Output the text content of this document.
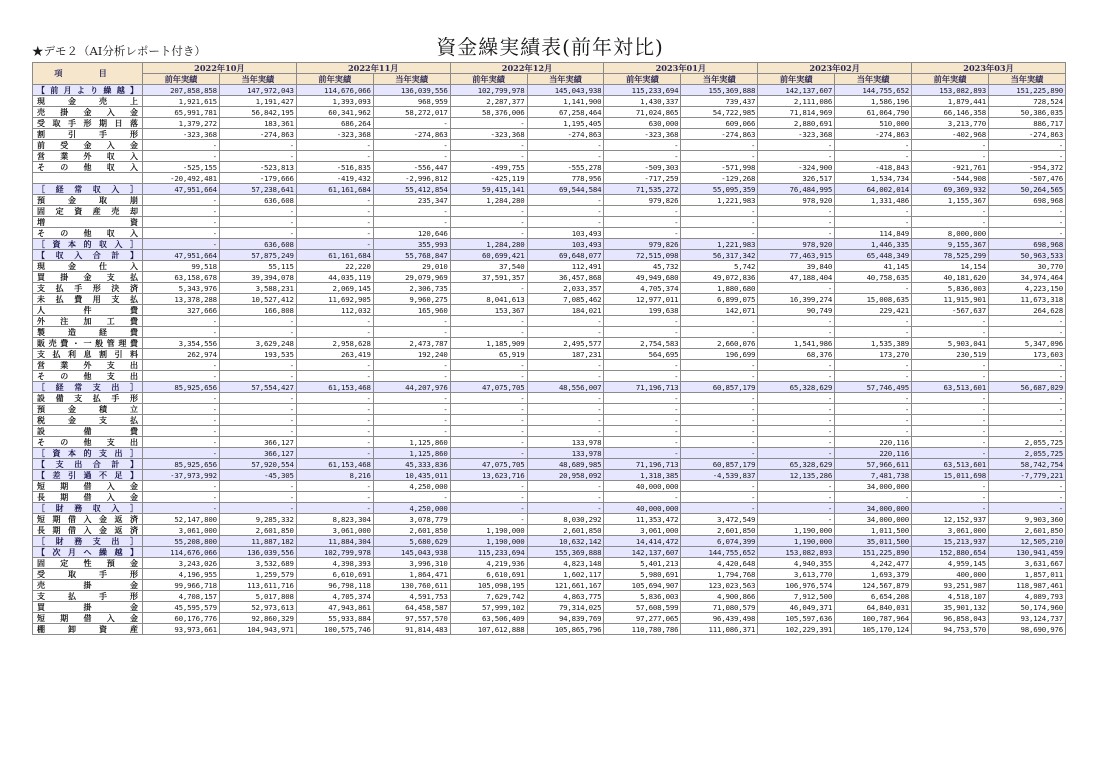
資金繰実績表(前年対比)
★デモ２（AI分析レポート付き）
項　目	2022年10月		2022年11月		2022年12月		2023年01月		2023年02月		2023年03月	
	前年実績	当年実績	前年実績	当年実績	前年実績	当年実績	前年実績	当年実績	前年実績	当年実績	前年実績	当年実績
【前月より繰越】	207,858,858	147,972,043	114,676,066	136,039,556	102,799,978	145,043,938	115,233,694	155,369,888	142,137,607	144,755,652	153,082,893	151,225,890
現金売上	1,921,615	1,191,427	1,393,093	968,959	2,287,377	1,141,900	1,430,337	739,437	2,111,086	1,586,196	1,879,441	728,524
売掛金入金	65,991,781	56,842,195	60,341,962	58,272,017	58,376,006	67,258,464	71,024,865	54,722,985	71,814,969	61,064,790	66,146,358	50,386,035
受取手形期日落	1,379,272	183,361	686,264	-	-	1,195,405	630,000	609,066	2,880,691	510,000	3,213,770	886,717
割引手形	-323,368	-274,863	-323,368	-274,863	-323,368	-274,863	-323,368	-274,863	-323,368	-274,863	-402,968	-274,863
前受金入金	-	-	-	-	-	-	-	-	-	-	-	-
営業外収入	-	-	-	-	-	-	-	-	-	-	-	-
その他収入	-525,155	-523,813	-516,835	-556,447	-499,755	-555,278	-509,303	-571,998	-324,900	-418,843	-921,761	-954,372
	-20,492,481	-179,666	-419,432	-2,996,812	-425,119	778,956	-717,259	-129,268	326,517	1,534,734	-544,908	-507,476
［経常収入］	47,951,664	57,238,641	61,161,684	55,412,854	59,415,141	69,544,584	71,535,272	55,095,359	76,484,995	64,002,014	69,369,932	50,264,565
預金取崩	-	636,608	-	235,347	1,284,280	-	979,826	1,221,983	978,920	1,331,486	1,155,367	698,968
固定資産売却	-	-	-	-	-	-	-	-	-	-	-	-
増資	-	-	-	-	-	-	-	-	-	-	-	-
その他収入	-	-	-	120,646	-	103,493	-	-	-	114,849	8,000,000	-
［資本的収入］	-	636,608	-	355,993	1,284,280	103,493	979,826	1,221,983	978,920	1,446,335	9,155,367	698,968
【収入合計】	47,951,664	57,875,249	61,161,684	55,768,847	60,699,421	69,648,077	72,515,098	56,317,342	77,463,915	65,448,349	78,525,299	50,963,533
現金仕入	99,518	55,115	22,220	29,010	37,540	112,491	45,732	5,742	39,840	41,145	14,154	30,770
買掛金支払	63,158,678	39,394,078	44,035,119	29,079,969	37,591,357	36,457,868	49,949,680	49,072,836	47,188,404	40,758,635	40,181,620	34,974,464
支払手形決済	5,343,976	3,588,231	2,069,145	2,306,735	-	2,033,357	4,705,374	1,880,680	-	-	5,836,003	4,223,150
未払費用支払	13,378,288	10,527,412	11,692,905	9,960,275	8,041,613	7,085,462	12,977,011	6,899,075	16,399,274	15,008,635	11,915,901	11,673,318
人件費	327,666	166,808	112,032	165,960	153,367	184,021	199,638	142,071	90,749	229,421	-567,637	264,628
外注加工費	-	-	-	-	-	-	-	-	-	-	-	-
製造経費	-	-	-	-	-	-	-	-	-	-	-	-
販売費・一般管理費	3,354,556	3,629,248	2,958,628	2,473,787	1,185,909	2,495,577	2,754,583	2,660,076	1,541,986	1,535,389	5,903,041	5,347,096
支払利息割引料	262,974	193,535	263,419	192,240	65,919	187,231	564,695	196,699	68,376	173,270	230,519	173,603
営業外支出	-	-	-	-	-	-	-	-	-	-	-	-
その他支出	-	-	-	-	-	-	-	-	-	-	-	-
［経常支出］	85,925,656	57,554,427	61,153,468	44,207,976	47,075,705	48,556,007	71,196,713	60,857,179	65,328,629	57,746,495	63,513,601	56,687,029
設備支払手形	-	-	-	-	-	-	-	-	-	-	-	-
預金積立	-	-	-	-	-	-	-	-	-	-	-	-
税金支払	-	-	-	-	-	-	-	-	-	-	-	-
設備費	-	-	-	-	-	-	-	-	-	-	-	-
その他支出	-	366,127	-	1,125,860	-	133,978	-	-	-	220,116	-	2,055,725
［資本的支出］	-	366,127	-	1,125,860	-	133,978	-	-	-	220,116	-	2,055,725
【支出合計】	85,925,656	57,920,554	61,153,468	45,333,836	47,075,705	48,689,985	71,196,713	60,857,179	65,328,629	57,966,611	63,513,601	58,742,754
【差引過不足】	-37,973,992	-45,305	8,216	10,435,011	13,623,716	20,958,092	1,318,385	-4,539,837	12,135,286	7,481,738	15,011,698	-7,779,221
短期借入金	-	-	-	4,250,000	-	-	40,000,000	-	-	34,000,000	-	-
長期借入金	-	-	-	-	-	-	-	-	-	-	-	-
［財務収入］	-	-	-	4,250,000	-	-	40,000,000	-	-	34,000,000	-	-
短期借入金返済	52,147,800	9,285,332	8,823,304	3,078,779	-	8,030,292	11,353,472	3,472,549	-	34,000,000	12,152,937	9,903,360
長期借入金返済	3,061,000	2,601,850	3,061,000	2,601,850	1,190,000	2,601,850	3,061,000	2,601,850	1,190,000	1,011,500	3,061,000	2,601,850
［財務支出］	55,208,800	11,887,182	11,884,304	5,680,629	1,190,000	10,632,142	14,414,472	6,074,399	1,190,000	35,011,500	15,213,937	12,505,210
【次月へ繰越】	114,676,066	136,039,556	102,799,978	145,043,938	115,233,694	155,369,888	142,137,607	144,755,652	153,082,893	151,225,890	152,880,654	130,941,459
固定性預金	3,243,026	3,532,689	4,398,393	3,996,310	4,219,936	4,823,148	5,401,213	4,420,648	4,940,355	4,242,477	4,959,145	3,631,667
受取手形	4,196,955	1,259,579	6,610,691	1,864,471	6,610,691	1,602,117	5,980,691	1,794,768	3,613,770	1,693,379	400,000	1,857,011
売掛金	99,966,718	113,611,716	96,798,118	130,760,611	105,098,195	121,661,167	105,694,907	123,023,563	106,976,574	124,567,879	93,251,987	118,987,461
支払手形	4,708,157	5,017,808	4,705,374	4,591,753	7,629,742	4,863,775	5,836,003	4,900,866	7,912,500	6,654,208	4,518,107	4,089,793
買掛金	45,595,579	52,973,613	47,943,861	64,458,587	57,999,102	79,314,025	57,608,599	71,080,579	46,049,371	64,840,031	35,901,132	50,174,960
短期借入金	60,176,776	92,860,329	55,933,884	97,557,570	63,506,409	94,839,769	97,277,065	96,439,498	105,597,636	100,787,964	96,858,043	93,124,737
棚卸資産	93,973,661	104,943,971	100,575,746	91,814,483	107,612,888	105,865,796	110,780,786	111,086,371	102,229,391	105,170,124	94,753,570	98,690,976
